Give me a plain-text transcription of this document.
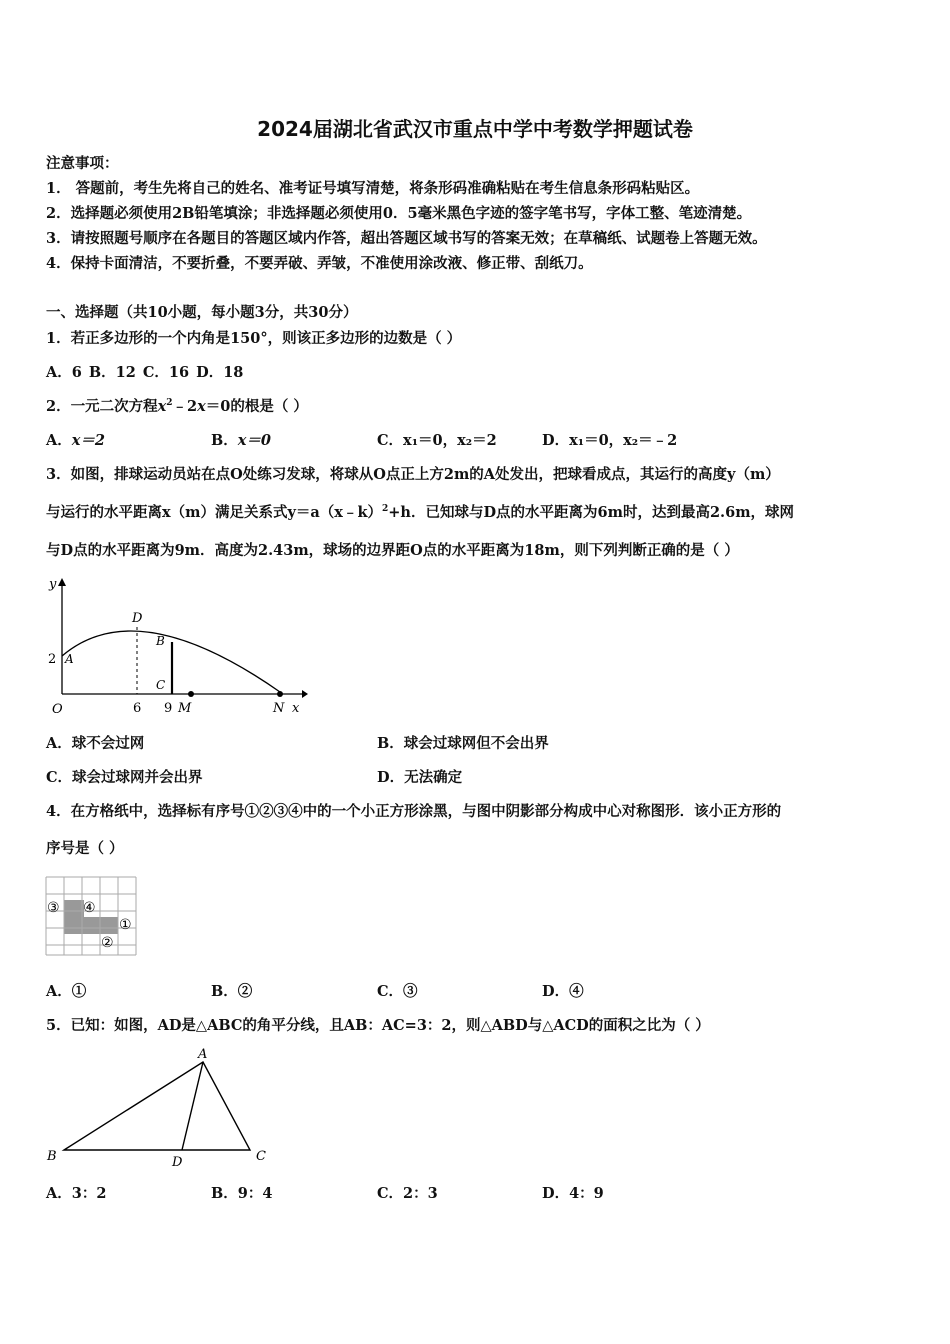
2024届湖北省武汉市重点中学中考数学押题试卷
注意事项：
1． 答题前，考生先将自己的姓名、准考证号填写清楚，将条形码准确粘贴在考生信息条形码粘贴区。
2．选择题必须使用2B铅笔填涂；非选择题必须使用0．5毫米黑色字迹的签字笔书写，字体工整、笔迹清楚。
3．请按照题号顺序在各题目的答题区域内作答，超出答题区域书写的答案无效；在草稿纸、试题卷上答题无效。
4．保持卡面清洁，不要折叠，不要弄破、弄皱，不准使用涂改液、修正带、刮纸刀。
一、选择题（共10小题，每小题3分，共30分）
1．若正多边形的一个内角是150°，则该正多边形的边数是（ ）
A．6 B．12 C．16 D．18
2．一元二次方程$x^2﹣2x=0$的根是（ ）
A．x＝2	B．x＝0	C．x₁＝0，x₂＝2	D．x₁＝0，x₂＝﹣2
3．如图，排球运动员站在点O处练习发球，将球从O点正上方2m的A处发出，把球看成点，其运行的高度y（m）
与运行的水平距离x（m）满足关系式y＝a（x﹣k）$^2$+h．已知球与D点的水平距离为6m时，达到最高2.6m，球网
与D点的水平距离为9m．高度为2.43m，球场的边界距O点的水平距离为18m，则下列判断正确的是（ ）
y
x
O
2 A
D
B
C
6 9 M	N
A．球不会过网	B．球会过球网但不会出界
C．球会过球网并会出界	D．无法确定
4．在方格纸中，选择标有序号①②③④中的一个小正方形涂黑，与图中阴影部分构成中心对称图形．该小正方形的
序号是（ ）
③ ④
①
②
A．①	B．②	C．③	D．④
5．已知：如图，AD是△ABC的角平分线，且AB：AC=3：2，则△ABD与△ACD的面积之比为（ ）
A
B	C
D
A．3：2	B．9：4	C．2：3	D．4：9
